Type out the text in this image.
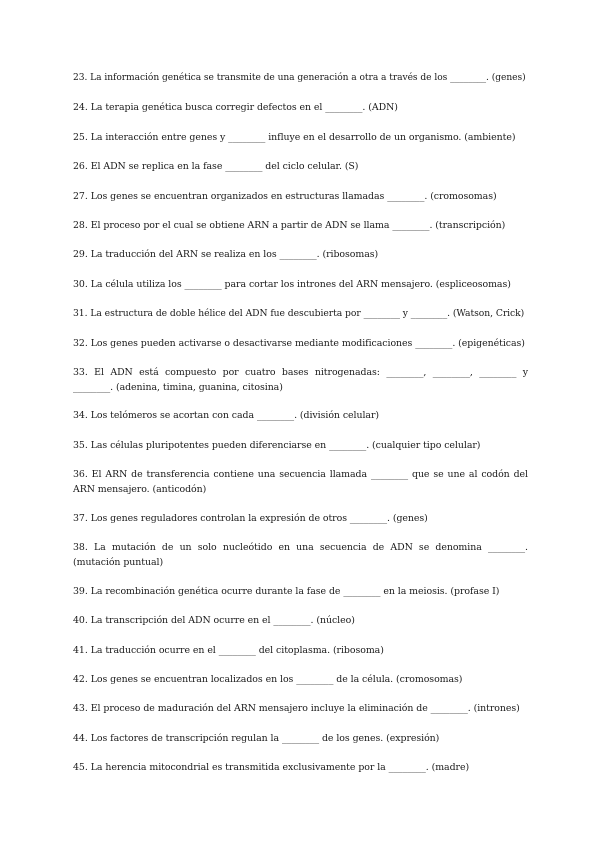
23. La información genética se transmite de una generación a otra a través de los ________. (genes)

24. La terapia genética busca corregir defectos en el ________. (ADN)

25. La interacción entre genes y ________ influye en el desarrollo de un organismo. (ambiente)

26. El ADN se replica en la fase ________ del ciclo celular. (S)

27. Los genes se encuentran organizados en estructuras llamadas ________. (cromosomas)

28. El proceso por el cual se obtiene ARN a partir de ADN se llama ________. (transcripción)

29. La traducción del ARN se realiza en los ________. (ribosomas)

30. La célula utiliza los ________ para cortar los intrones del ARN mensajero. (espliceosomas)

31. La estructura de doble hélice del ADN fue descubierta por ________ y ________. (Watson, Crick)

32. Los genes pueden activarse o desactivarse mediante modificaciones ________. (epigenéticas)

33. El ADN está compuesto por cuatro bases nitrogenadas: ________, ________, ________ y ________. (adenina, timina, guanina, citosina)

34. Los telómeros se acortan con cada ________. (división celular)

35. Las células pluripotentes pueden diferenciarse en ________. (cualquier tipo celular)

36. El ARN de transferencia contiene una secuencia llamada ________ que se une al codón del ARN mensajero. (anticodón)

37. Los genes reguladores controlan la expresión de otros ________. (genes)

38. La mutación de un solo nucleótido en una secuencia de ADN se denomina ________. (mutación puntual)

39. La recombinación genética ocurre durante la fase de ________ en la meiosis. (profase I)

40. La transcripción del ADN ocurre en el ________. (núcleo)

41. La traducción ocurre en el ________ del citoplasma. (ribosoma)

42. Los genes se encuentran localizados en los ________ de la célula. (cromosomas)

43. El proceso de maduración del ARN mensajero incluye la eliminación de ________. (intrones)

44. Los factores de transcripción regulan la ________ de los genes. (expresión)

45. La herencia mitocondrial es transmitida exclusivamente por la ________. (madre)
